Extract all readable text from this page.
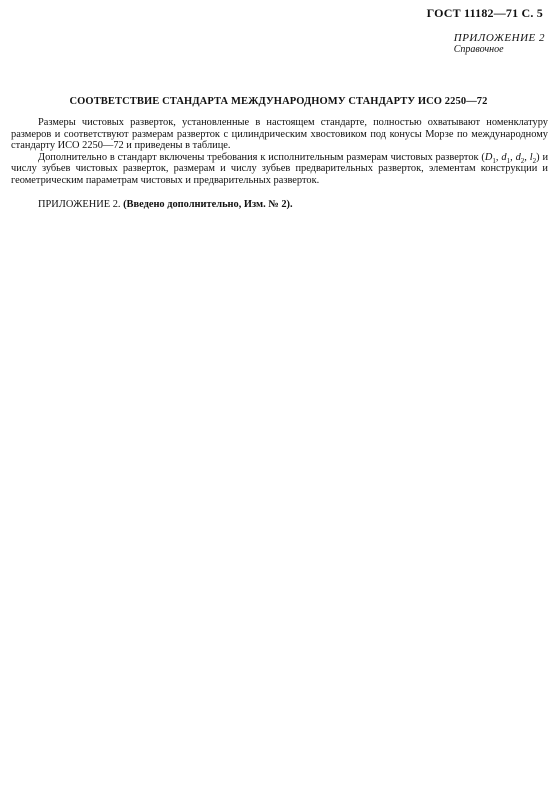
ГОСТ 11182—71 С. 5
ПРИЛОЖЕНИЕ 2
Справочное
СООТВЕТСТВИЕ СТАНДАРТА МЕЖДУНАРОДНОМУ СТАНДАРТУ ИСО 2250—72

Размеры чистовых разверток, установленные в настоящем стандарте, полностью охватывают номенклатуру размеров и соответствуют размерам разверток с цилиндрическим хвостовиком под конусы Морзе по международному стандарту ИСО 2250—72 и приведены в таблице.

Дополнительно в стандарт включены требования к исполнительным размерам чистовых разверток ($D_1$, $d_1$, $d_2$, $l_2$) и числу зубьев чистовых разверток, размерам и числу зубьев предварительных разверток, элементам конструкции и геометрическим параметрам чистовых и предварительных разверток.

ПРИЛОЖЕНИЕ 2. (Введено дополнительно, Изм. № 2).
